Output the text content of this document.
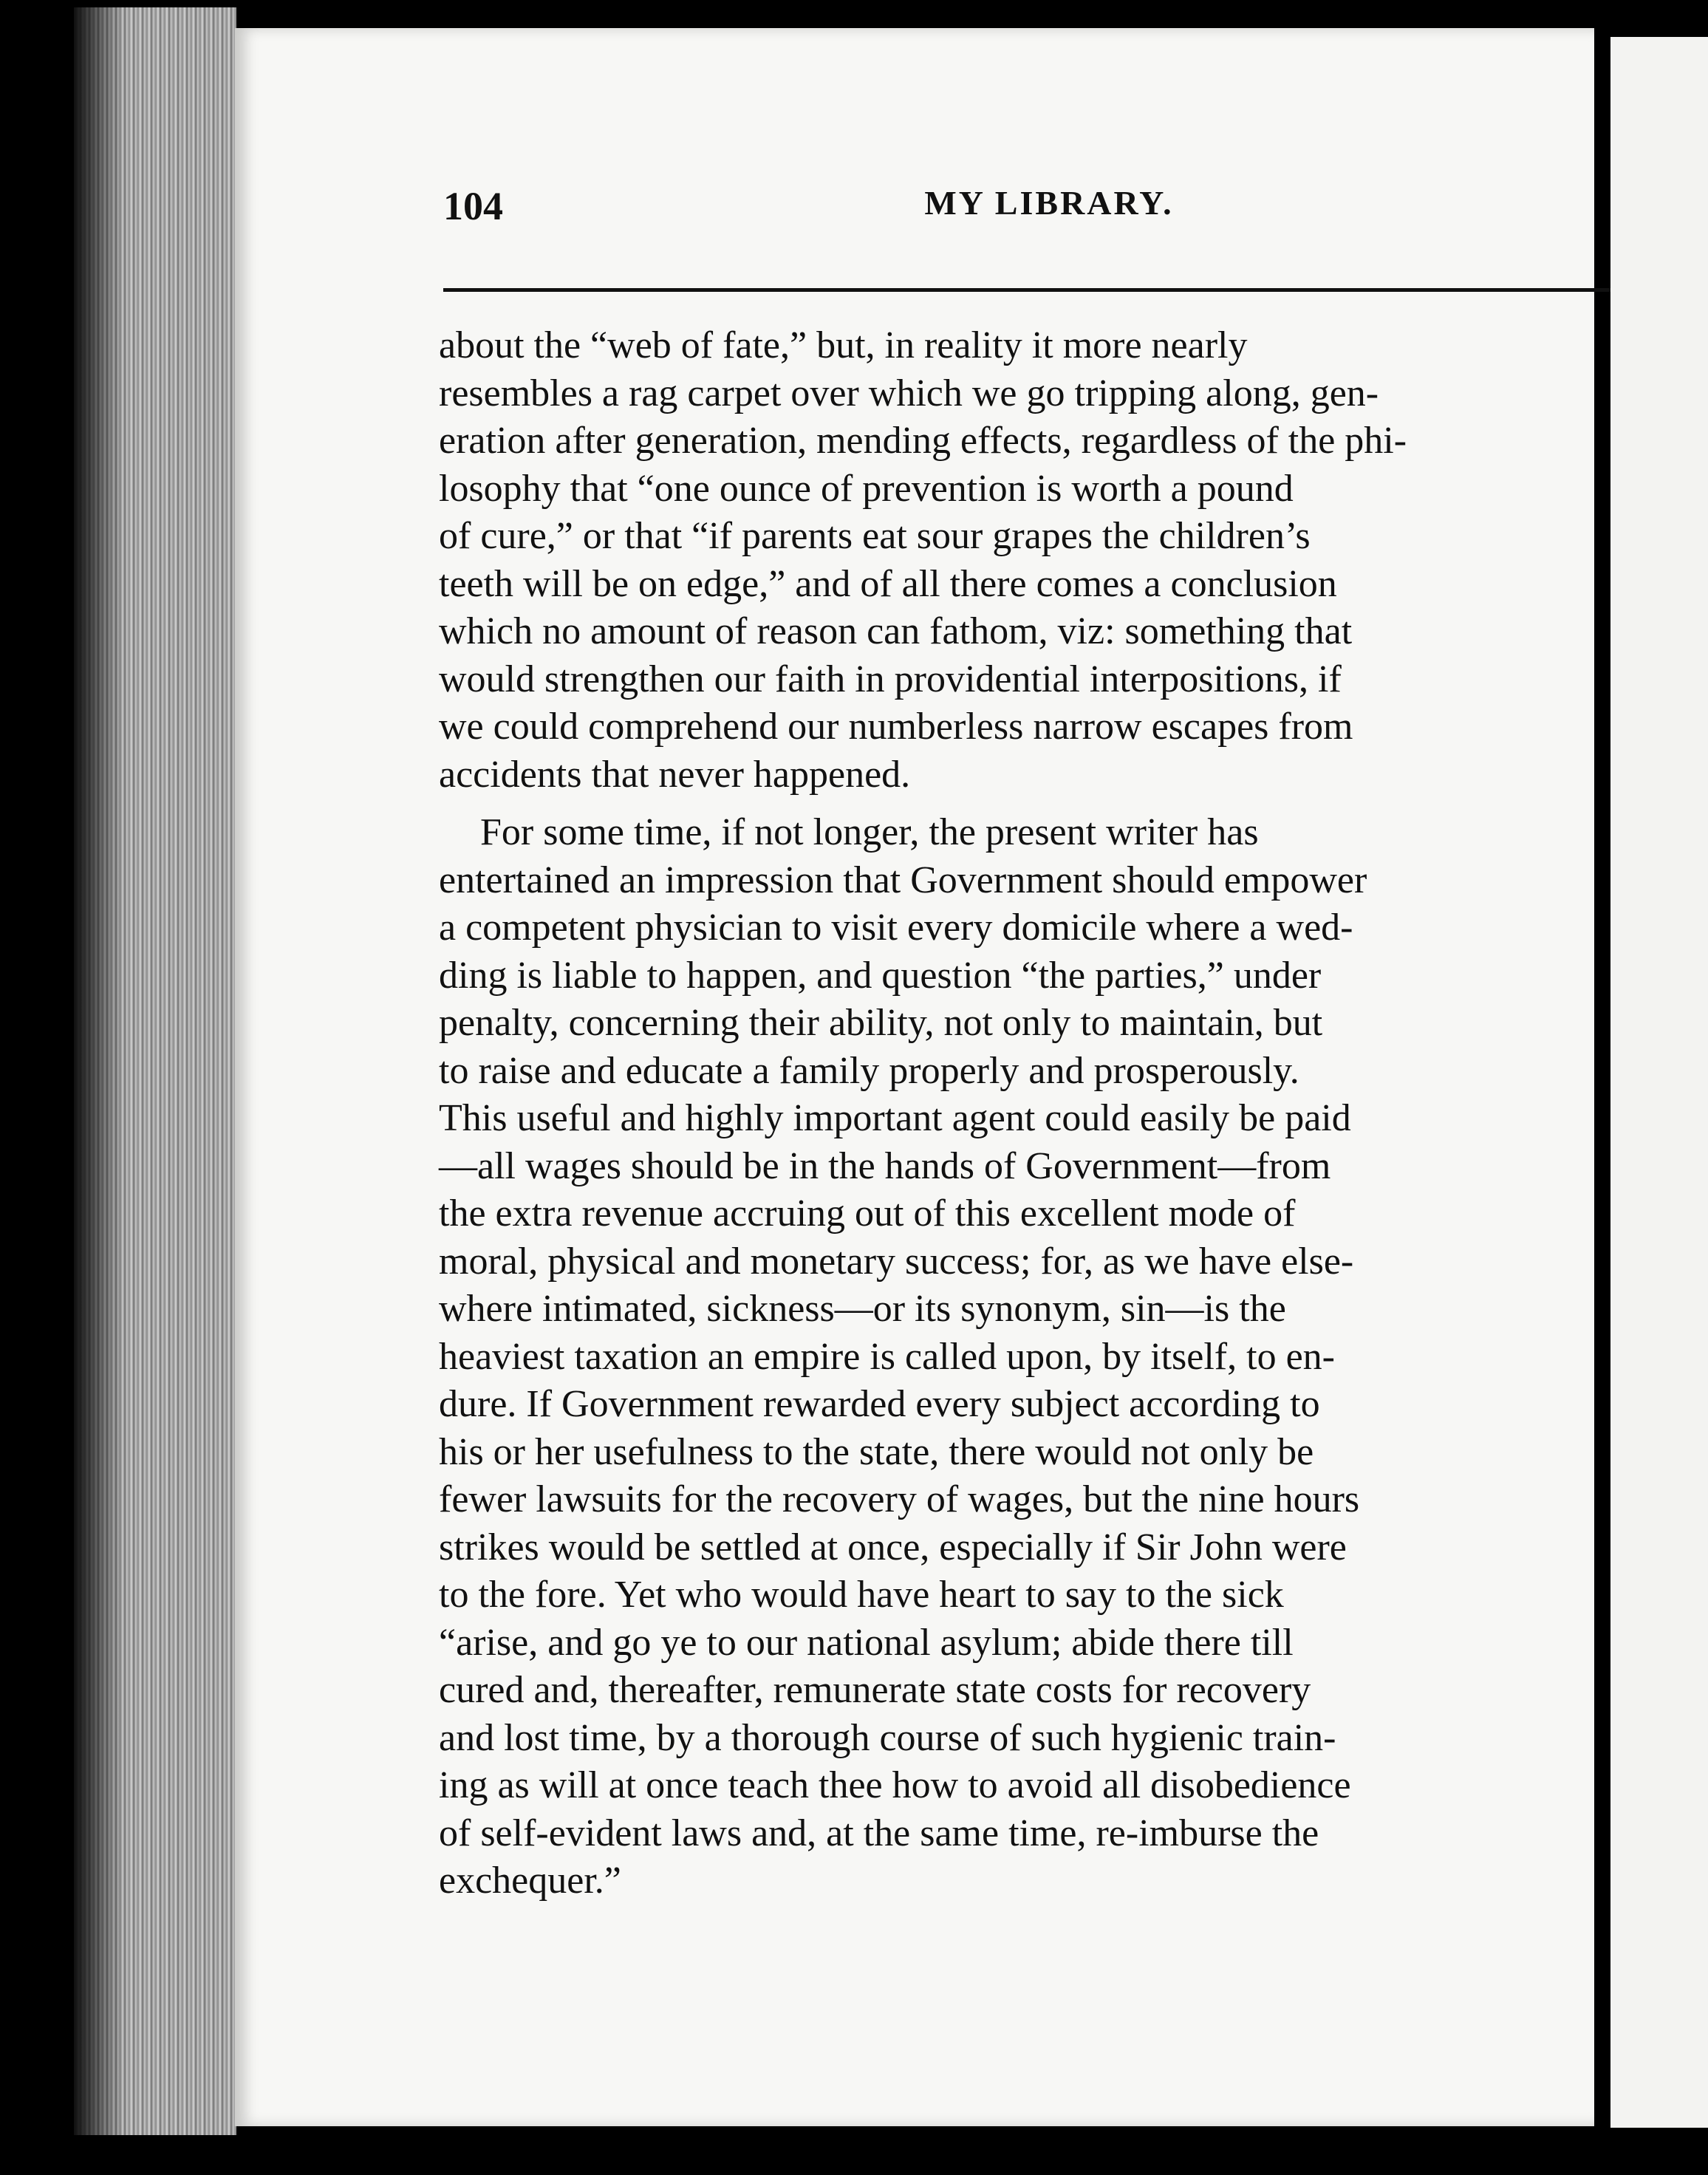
104	MY LIBRARY.

about the “web of fate,” but, in reality it more nearly
resembles a rag carpet over which we go tripping along, gen-
eration after generation, mending effects, regardless of the phi-
losophy that “one ounce of prevention is worth a pound
of cure,” or that “if parents eat sour grapes the children’s
teeth will be on edge,” and of all there comes a conclusion
which no amount of reason can fathom, viz: something that
would strengthen our faith in providential interpositions, if
we could comprehend our numberless narrow escapes from
accidents that never happened.

For some time, if not longer, the present writer has
entertained an impression that Government should empower
a competent physician to visit every domicile where a wed-
ding is liable to happen, and question “the parties,” under
penalty, concerning their ability, not only to maintain, but
to raise and educate a family properly and prosperously.
This useful and highly important agent could easily be paid
—all wages should be in the hands of Government—from
the extra revenue accruing out of this excellent mode of
moral, physical and monetary success; for, as we have else-
where intimated, sickness—or its synonym, sin—is the
heaviest taxation an empire is called upon, by itself, to en-
dure. If Government rewarded every subject according to
his or her usefulness to the state, there would not only be
fewer lawsuits for the recovery of wages, but the nine hours
strikes would be settled at once, especially if Sir John were
to the fore. Yet who would have heart to say to the sick
“arise, and go ye to our national asylum; abide there till
cured and, thereafter, remunerate state costs for recovery
and lost time, by a thorough course of such hygienic train-
ing as will at once teach thee how to avoid all disobedience
of self-evident laws and, at the same time, re-imburse the
exchequer.”
